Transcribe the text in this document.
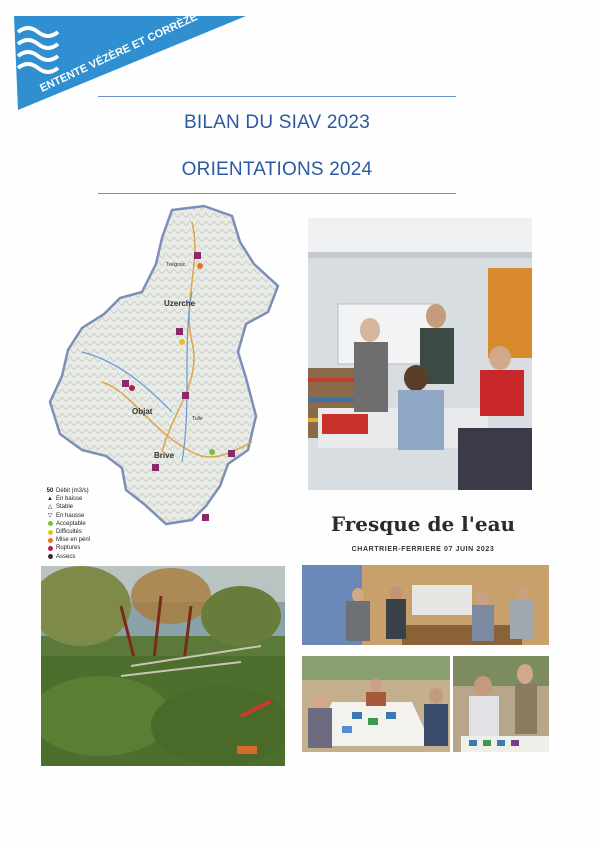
ENTENTE VÉZÈRE ET CORRÈZE
BILAN DU SIAV 2023
ORIENTATIONS 2024
Uzerche
Objat
Brive
Treignac
Tulle
50 Débit (m3/s)
▲ En baisse
△ Stable
▽ En hausse
Acceptable
Difficultés
Mise en péril
Ruptures
Assecs
Fresque de l'eau
CHARTRIER-FERRIERE 07 JUIN 2023
